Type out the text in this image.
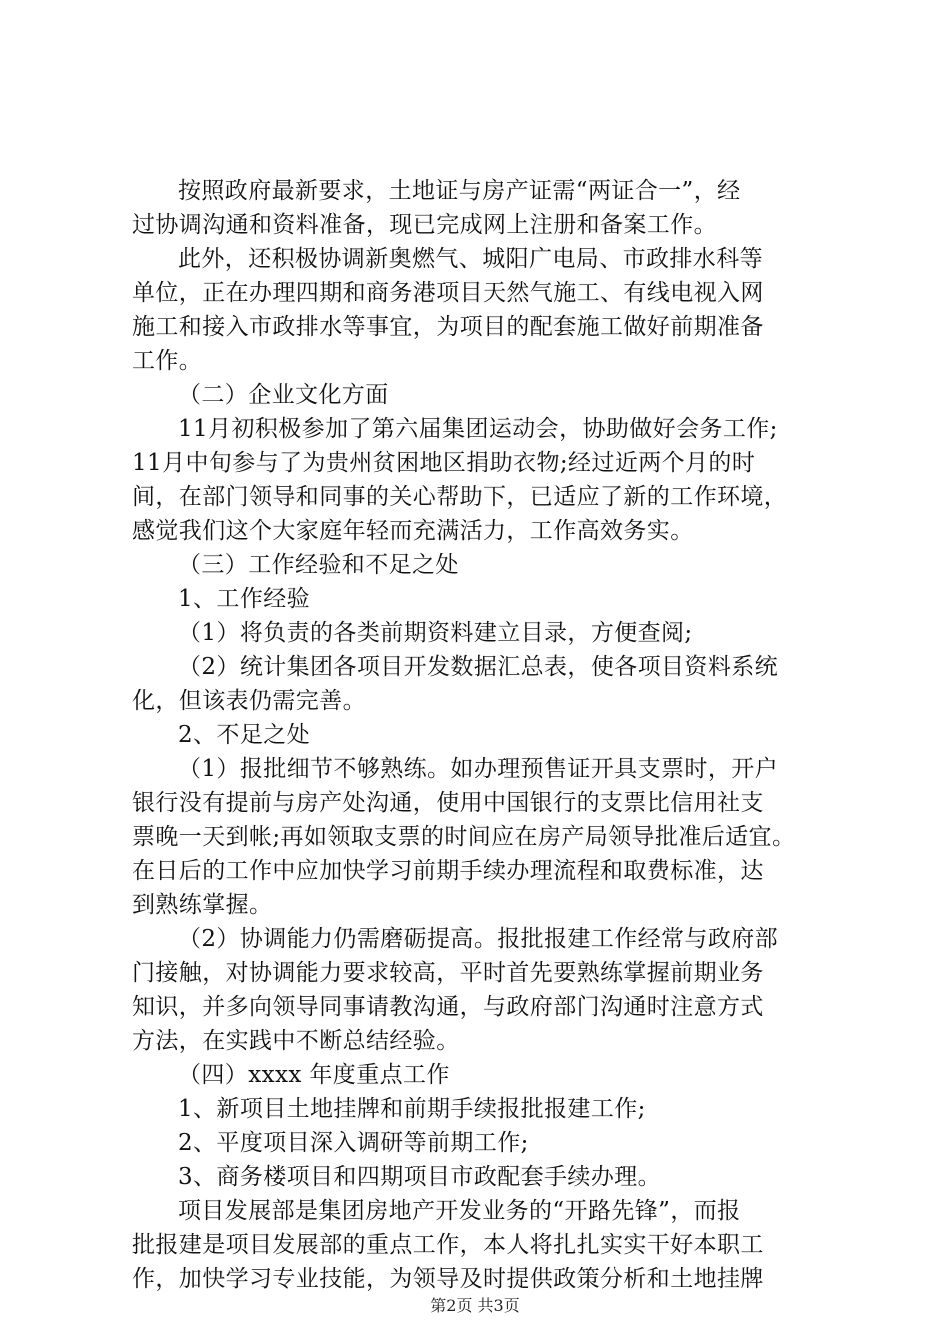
按照政府最新要求，土地证与房产证需“两证合一”，经
过协调沟通和资料准备，现已完成网上注册和备案工作。
此外，还积极协调新奥燃气、城阳广电局、市政排水科等
单位，正在办理四期和商务港项目天然气施工、有线电视入网
施工和接入市政排水等事宜，为项目的配套施工做好前期准备
工作。
（二）企业文化方面
11月初积极参加了第六届集团运动会，协助做好会务工作;
11月中旬参与了为贵州贫困地区捐助衣物;经过近两个月的时
间，在部门领导和同事的关心帮助下，已适应了新的工作环境，
感觉我们这个大家庭年轻而充满活力，工作高效务实。
（三）工作经验和不足之处
1、工作经验
（1）将负责的各类前期资料建立目录，方便查阅;
（2）统计集团各项目开发数据汇总表，使各项目资料系统
化，但该表仍需完善。
2、不足之处
（1）报批细节不够熟练。如办理预售证开具支票时，开户
银行没有提前与房产处沟通，使用中国银行的支票比信用社支
票晚一天到帐;再如领取支票的时间应在房产局领导批准后适宜。
在日后的工作中应加快学习前期手续办理流程和取费标准，达
到熟练掌握。
（2）协调能力仍需磨砺提高。报批报建工作经常与政府部
门接触，对协调能力要求较高，平时首先要熟练掌握前期业务
知识，并多向领导同事请教沟通，与政府部门沟通时注意方式
方法，在实践中不断总结经验。
（四）xxxx 年度重点工作
1、新项目土地挂牌和前期手续报批报建工作;
2、平度项目深入调研等前期工作;
3、商务楼项目和四期项目市政配套手续办理。
项目发展部是集团房地产开发业务的“开路先锋”，而报
批报建是项目发展部的重点工作，本人将扎扎实实干好本职工
作，加快学习专业技能，为领导及时提供政策分析和土地挂牌
第2页 共3页
